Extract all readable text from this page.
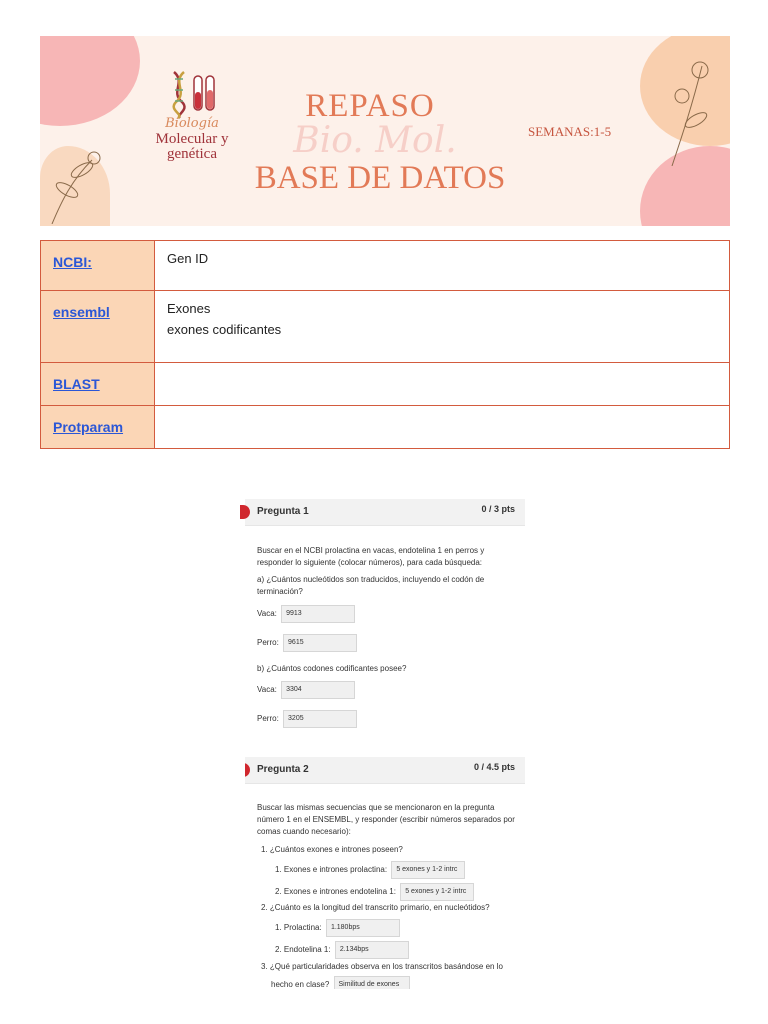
Biología
Molecular y
genética
REPASO
Bio. Mol.
BASE DE DATOS
SEMANAS:1-5
NCBI:	Gen ID

ensembl	Exones
exones codificantes

BLAST	

Protparam	

Pregunta 1	0 / 3 pts
Buscar en el NCBI prolactina en vacas, endotelina 1 en perros y responder lo siguiente (colocar números), para cada búsqueda:
a) ¿Cuántos nucleótidos son traducidos, incluyendo el codón de terminación?
Vaca: 9913
Perro: 9615
b) ¿Cuántos codones codificantes posee?
Vaca: 3304
Perro: 3205
Pregunta 2	0 / 4.5 pts
Buscar las mismas secuencias que se mencionaron en la pregunta número 1 en el ENSEMBL, y responder (escribir números separados por comas cuando necesario):
1. ¿Cuántos exones e intrones poseen?
1. Exones e intrones prolactina: 5 exones y 1-2 intrc
2. Exones e intrones endotelina 1: 5 exones y 1-2 intrc
2. ¿Cuánto es la longitud del transcrito primario, en nucleótidos?
1. Prolactina: 1.180bps
2. Endotelina 1: 2.134bps
3. ¿Qué particularidades observa en los transcritos basándose en lo
hecho en clase? Similitud de exones
